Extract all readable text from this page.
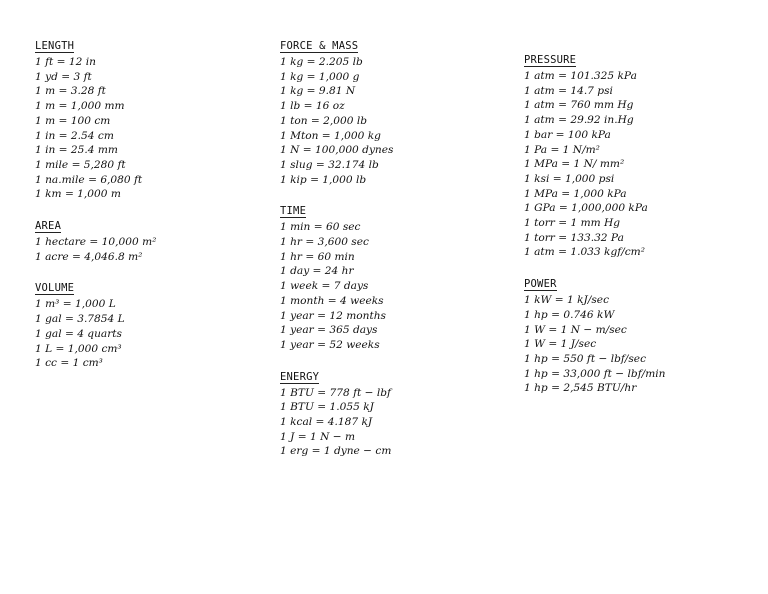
LENGTH
1 ft = 12 in
1 yd = 3 ft
1 m = 3.28 ft
1 m = 1,000 mm
1 m = 100 cm
1 in = 2.54 cm
1 in = 25.4 mm
1 mile = 5,280 ft
1 na.mile = 6,080 ft
1 km = 1,000 m
AREA
1 hectare = 10,000 m²
1 acre = 4,046.8 m²
VOLUME
1 m³ = 1,000 L
1 gal = 3.7854 L
1 gal = 4 quarts
1 L = 1,000 cm³
1 cc = 1 cm³
FORCE & MASS
1 kg = 2.205 lb
1 kg = 1,000 g
1 kg = 9.81 N
1 lb = 16 oz
1 ton = 2,000 lb
1 Mton = 1,000 kg
1 N = 100,000 dynes
1 slug = 32.174 lb
1 kip = 1,000 lb
TIME
1 min = 60 sec
1 hr = 3,600 sec
1 hr = 60 min
1 day = 24 hr
1 week = 7 days
1 month = 4 weeks
1 year = 12 months
1 year = 365 days
1 year = 52 weeks
ENERGY
1 BTU = 778 ft − lbf
1 BTU = 1.055 kJ
1 kcal = 4.187 kJ
1 J = 1 N − m
1 erg = 1 dyne − cm
PRESSURE
1 atm = 101.325 kPa
1 atm = 14.7 psi
1 atm = 760 mm Hg
1 atm = 29.92 in.Hg
1 bar = 100 kPa
1 Pa = 1 N/m²
1 MPa = 1 N/ mm²
1 ksi = 1,000 psi
1 MPa = 1,000 kPa
1 GPa = 1,000,000 kPa
1 torr = 1 mm Hg
1 torr = 133.32 Pa
1 atm = 1.033 kgf/cm²
POWER
1 kW = 1 kJ/sec
1 hp = 0.746 kW
1 W = 1 N − m/sec
1 W = 1 J/sec
1 hp = 550 ft − lbf/sec
1 hp = 33,000 ft − lbf/min
1 hp = 2,545 BTU/hr
